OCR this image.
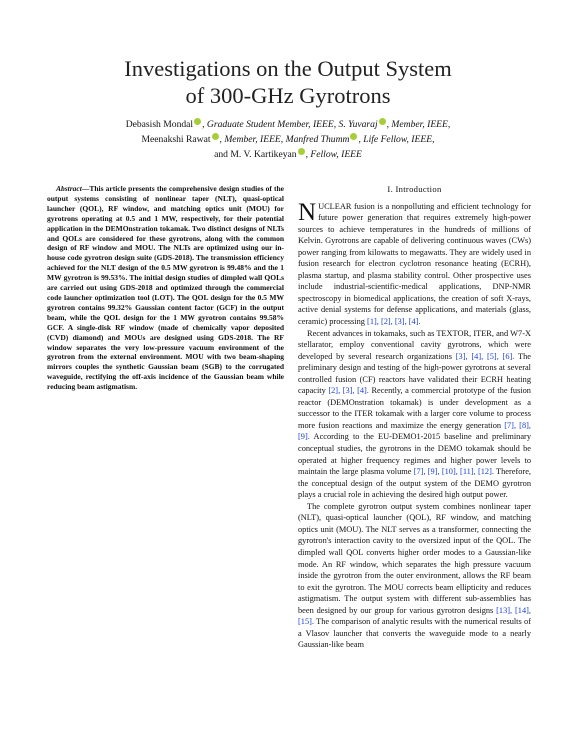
Investigations on the Output System
of 300-GHz Gyrotrons
Debasish Mondal , Graduate Student Member, IEEE, S. Yuvaraj , Member, IEEE,
Meenakshi Rawat , Member, IEEE, Manfred Thumm , Life Fellow, IEEE,
and M. V. Kartikeyan , Fellow, IEEE

Abstract—This article presents the comprehensive design studies of the output systems consisting of nonlinear taper (NLT), quasi-optical launcher (QOL), RF window, and matching optics unit (MOU) for gyrotrons operating at 0.5 and 1 MW, respectively, for their potential application in the DEMOnstration tokamak. Two distinct designs of NLTs and QOLs are considered for these gyrotrons, along with the common design of RF window and MOU. The NLTs are optimized using our in-house code gyrotron design suite (GDS-2018). The transmission efficiency achieved for the NLT design of the 0.5 MW gyrotron is 99.48% and the 1 MW gyrotron is 99.53%. The initial design studies of dimpled wall QOLs are carried out using GDS-2018 and optimized through the commercial code launcher optimization tool (LOT). The QOL design for the 0.5 MW gyrotron contains 99.32% Gaussian content factor (GCF) in the output beam, while the QOL design for the 1 MW gyrotron contains 99.58% GCF. A single-disk RF window (made of chemically vapor deposited (CVD) diamond) and MOUs are designed using GDS-2018. The RF window separates the very low-pressure vacuum environment of the gyrotron from the external environment. MOU with two beam-shaping mirrors couples the synthetic Gaussian beam (SGB) to the corrugated waveguide, rectifying the off-axis incidence of the Gaussian beam while reducing beam astigmatism.

I. Introduction

NUCLEAR fusion is a nonpolluting and efficient technology for future power generation that requires extremely high-power sources to achieve temperatures in the hundreds of millions of Kelvin. Gyrotrons are capable of delivering continuous waves (CWs) power ranging from kilowatts to megawatts. They are widely used in fusion research for electron cyclotron resonance heating (ECRH), plasma startup, and plasma stability control. Other prospective uses include industrial-scientific-medical applications, DNP-NMR spectroscopy in biomedical applications, the creation of soft X-rays, active denial systems for defense applications, and materials (glass, ceramic) processing [1], [2], [3], [4].

Recent advances in tokamaks, such as TEXTOR, ITER, and W7-X stellarator, employ conventional cavity gyrotrons, which were developed by several research organizations [3], [4], [5], [6]. The preliminary design and testing of the high-power gyrotrons at several controlled fusion (CF) reactors have validated their ECRH heating capacity [2], [3], [4]. Recently, a commercial prototype of the fusion reactor (DEMOnstration tokamak) is under development as a successor to the ITER tokamak with a larger core volume to process more fusion reactions and maximize the energy generation [7], [8], [9]. According to the EU-DEMO1-2015 baseline and preliminary conceptual studies, the gyrotrons in the DEMO tokamak should be operated at higher frequency regimes and higher power levels to maintain the large plasma volume [7], [9], [10], [11], [12]. Therefore, the conceptual design of the output system of the DEMO gyrotron plays a crucial role in achieving the desired high output power.

The complete gyrotron output system combines nonlinear taper (NLT), quasi-optical launcher (QOL), RF window, and matching optics unit (MOU). The NLT serves as a transformer, connecting the gyrotron's interaction cavity to the oversized input of the QOL. The dimpled wall QOL converts higher order modes to a Gaussian-like mode. An RF window, which separates the high pressure vacuum inside the gyrotron from the outer environment, allows the RF beam to exit the gyrotron. The MOU corrects beam ellipticity and reduces astigmatism. The output system with different sub-assemblies has been designed by our group for various gyrotron designs [13], [14], [15]. The comparison of analytic results with the numerical results of a Vlasov launcher that converts the waveguide mode to a nearly Gaussian-like beam
